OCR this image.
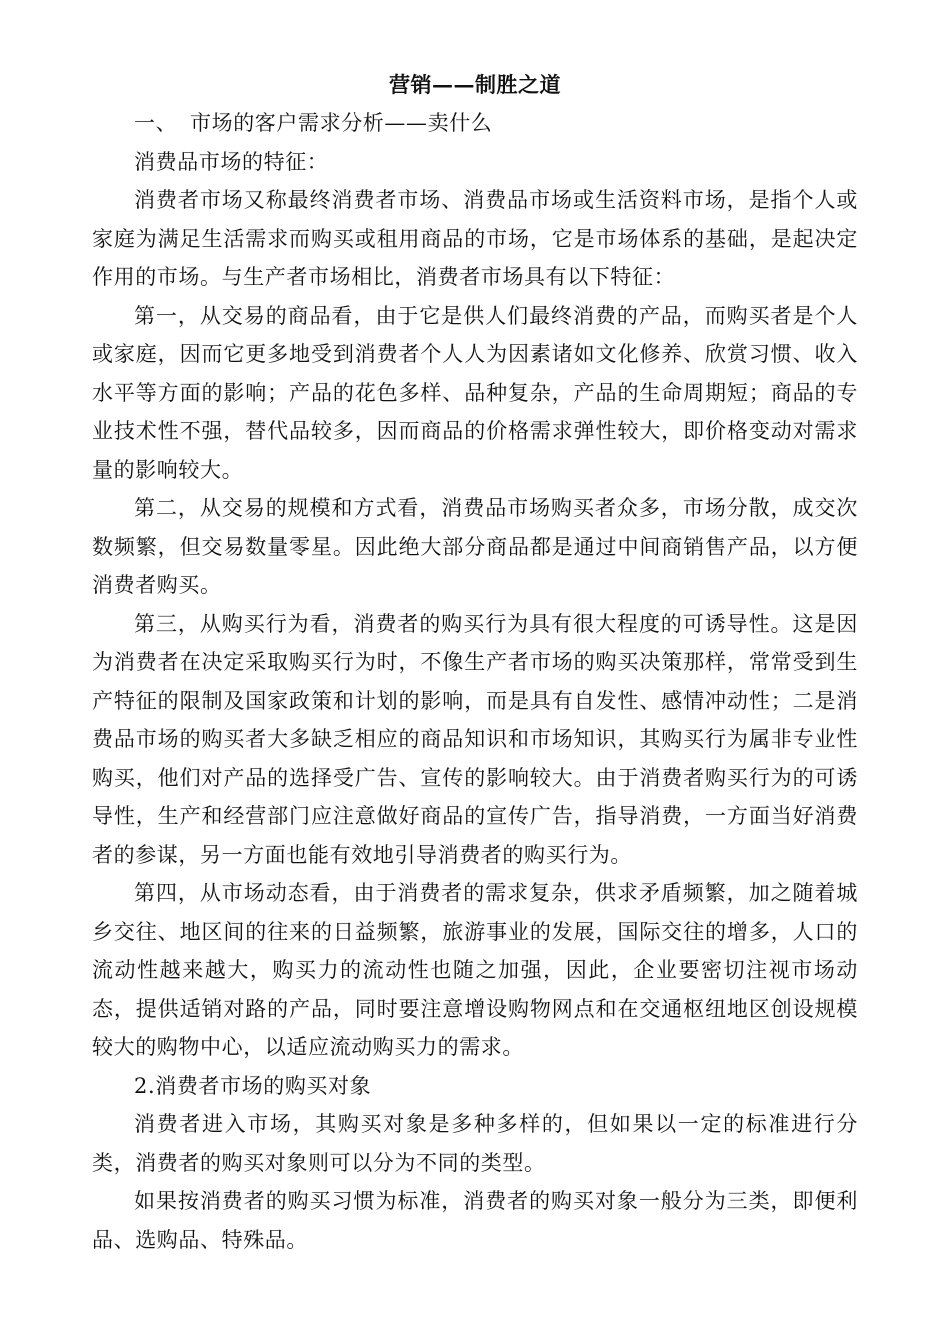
营销——制胜之道

一、 市场的客户需求分析——卖什么

消费品市场的特征：

消费者市场又称最终消费者市场、消费品市场或生活资料市场，是指个人或家庭为满足生活需求而购买或租用商品的市场，它是市场体系的基础，是起决定作用的市场。与生产者市场相比，消费者市场具有以下特征：

第一，从交易的商品看，由于它是供人们最终消费的产品，而购买者是个人或家庭，因而它更多地受到消费者个人人为因素诸如文化修养、欣赏习惯、收入水平等方面的影响；产品的花色多样、品种复杂，产品的生命周期短；商品的专业技术性不强，替代品较多，因而商品的价格需求弹性较大，即价格变动对需求量的影响较大。

第二，从交易的规模和方式看，消费品市场购买者众多，市场分散，成交次数频繁，但交易数量零星。因此绝大部分商品都是通过中间商销售产品，以方便消费者购买。

第三，从购买行为看，消费者的购买行为具有很大程度的可诱导性。这是因为消费者在决定采取购买行为时，不像生产者市场的购买决策那样，常常受到生产特征的限制及国家政策和计划的影响，而是具有自发性、感情冲动性；二是消费品市场的购买者大多缺乏相应的商品知识和市场知识，其购买行为属非专业性购买，他们对产品的选择受广告、宣传的影响较大。由于消费者购买行为的可诱导性，生产和经营部门应注意做好商品的宣传广告，指导消费，一方面当好消费者的参谋，另一方面也能有效地引导消费者的购买行为。

第四，从市场动态看，由于消费者的需求复杂，供求矛盾频繁，加之随着城乡交往、地区间的往来的日益频繁，旅游事业的发展，国际交往的增多，人口的流动性越来越大，购买力的流动性也随之加强，因此，企业要密切注视市场动态，提供适销对路的产品，同时要注意增设购物网点和在交通枢纽地区创设规模较大的购物中心，以适应流动购买力的需求。

2.消费者市场的购买对象

消费者进入市场，其购买对象是多种多样的，但如果以一定的标准进行分类，消费者的购买对象则可以分为不同的类型。

如果按消费者的购买习惯为标准，消费者的购买对象一般分为三类，即便利品、选购品、特殊品。
